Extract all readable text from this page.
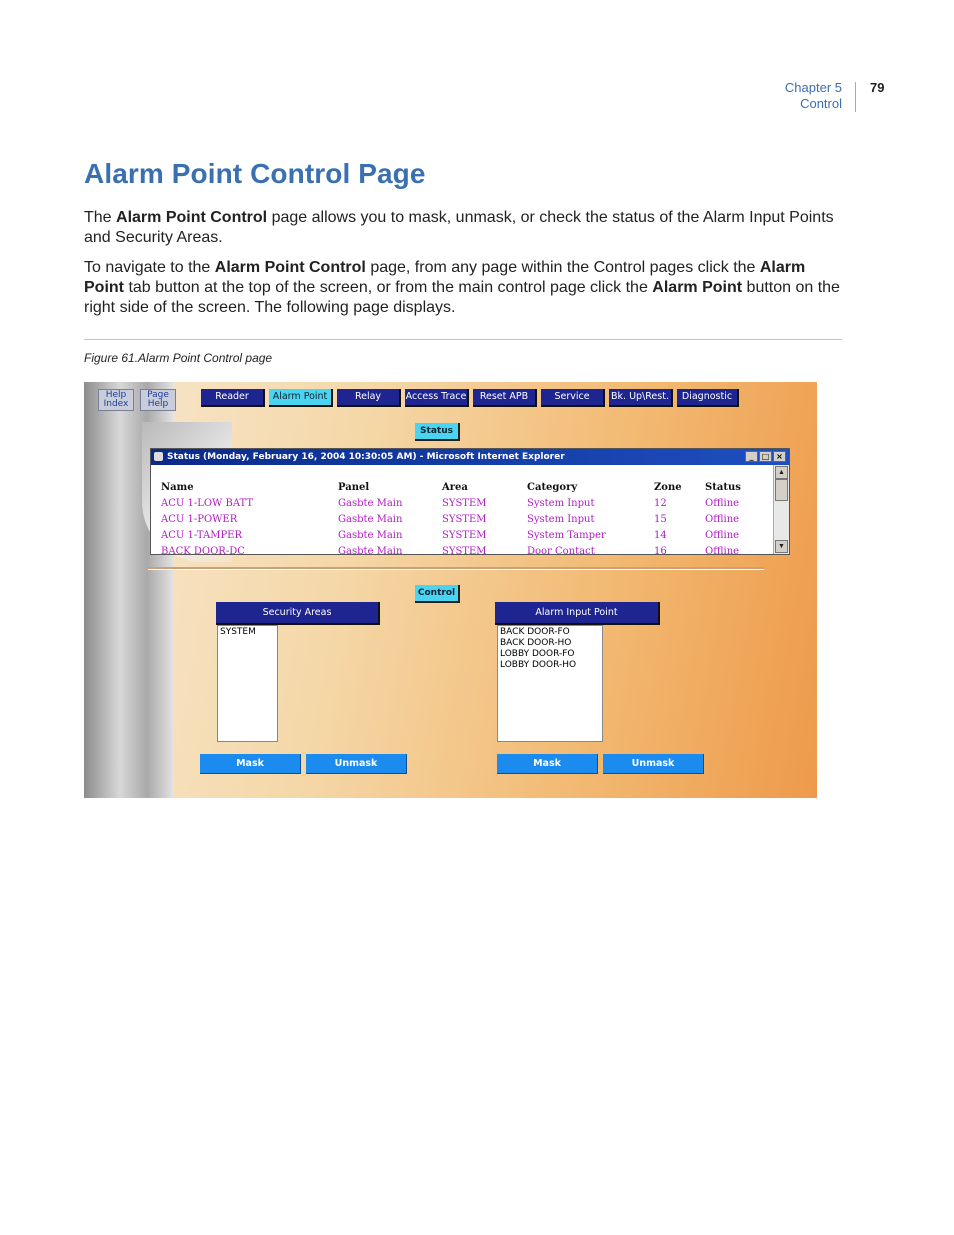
Chapter 5
Control
79
Alarm Point Control Page

The Alarm Point Control page allows you to mask, unmask, or check the status of the Alarm Input Points and Security Areas.

To navigate to the Alarm Point Control page, from any page within the Control pages click the Alarm Point tab button at the top of the screen, or from the main control page click the Alarm Point button on the right side of the screen. The following page displays.

Figure 61.Alarm Point Control page
Help
Index
Page
Help
Reader	Alarm Point	Relay	Access Trace	Reset APB	Service	Bk. Up\Rest.	Diagnostic
Status
Status (Monday, February 16, 2004 10:30:05 AM) - Microsoft Internet Explorer	_ □ ×
Name	Panel	Area	Category	Zone	Status
ACU 1-LOW BATT	Gasbte Main	SYSTEM	System Input	12	Offline
ACU 1-POWER	Gasbte Main	SYSTEM	System Input	15	Offline
ACU 1-TAMPER	Gasbte Main	SYSTEM	System Tamper	14	Offline
BACK DOOR-DC	Gasbte Main	SYSTEM	Door Contact	16	Offline
▲
▼
Control
Security Areas
SYSTEM
Mask	Unmask
Alarm Input Point
BACK DOOR-FO
BACK DOOR-HO
LOBBY DOOR-FO
LOBBY DOOR-HO
Mask	Unmask
